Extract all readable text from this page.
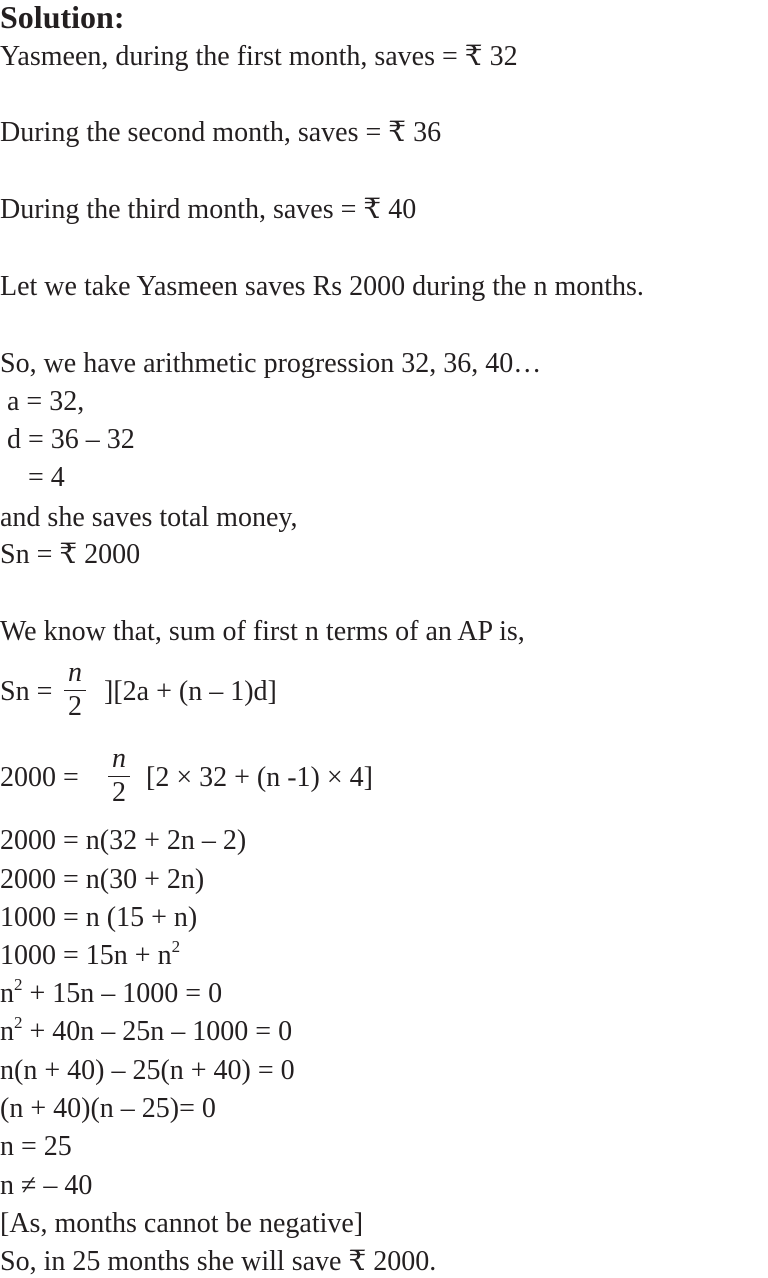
Solution:
Yasmeen, during the first month, saves = ₹ 32
During the second month, saves = ₹ 36
During the third month, saves = ₹ 40
Let we take Yasmeen saves Rs 2000 during the n months.
So, we have arithmetic progression 32, 36, 40…
a = 32,
d = 36 – 32
= 4
and she saves total money,
Sn = ₹ 2000
We know that, sum of first n terms of an AP is,
Sn =
n
2 ][2a + (n – 1)d]
2000 =
n
2 [2 × 32 + (n -1) × 4]
2000 = n(32 + 2n – 2)
2000 = n(30 + 2n)
1000 = n (15 + n)
$1000 = 15n + n^2$
$n^2 + 15n - 1000 = 0$
$n^2 + 40n - 25n - 1000 = 0$
n(n + 40) – 25(n + 40) = 0
(n + 40)(n – 25)= 0
n = 25
n ≠ – 40
[As, months cannot be negative]
So, in 25 months she will save ₹ 2000.
